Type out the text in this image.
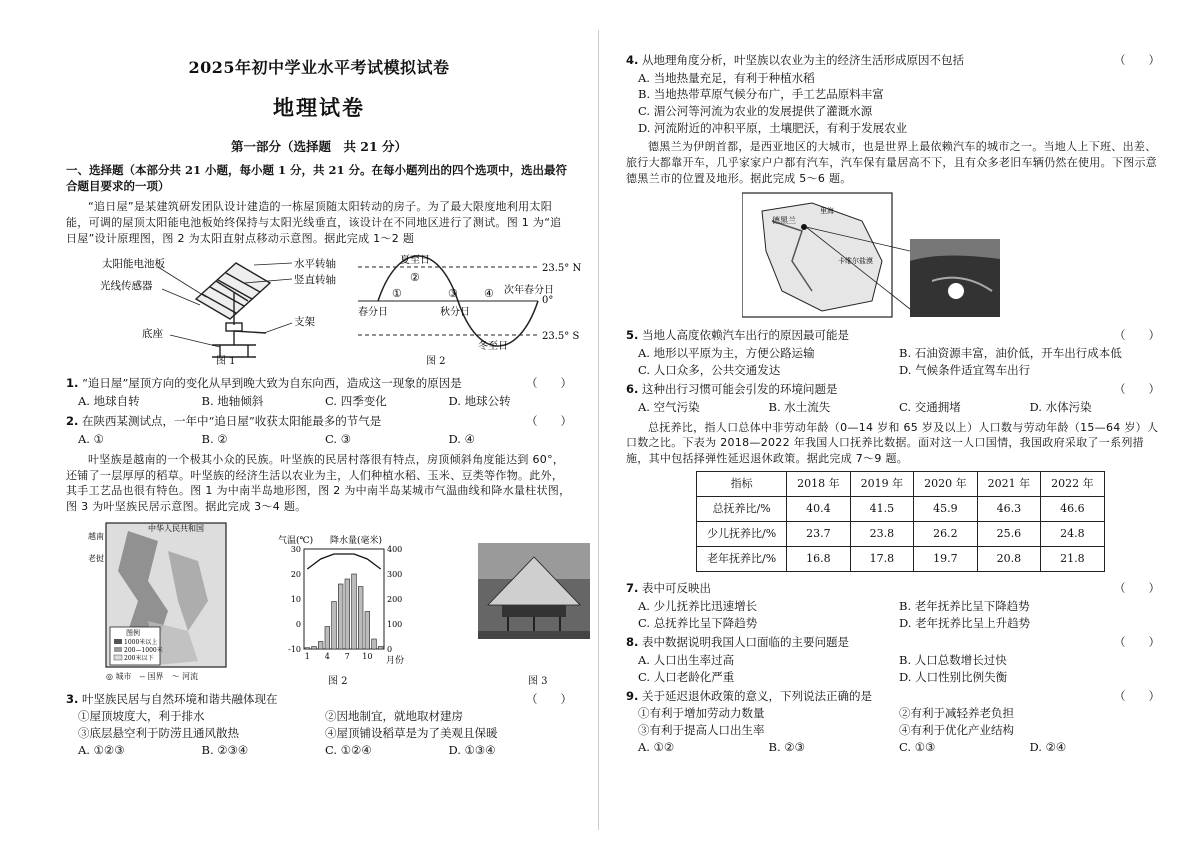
2025年初中学业水平考试模拟试卷
地理试卷
第一部分（选择题　共 21 分）
一、选择题（本部分共 21 小题，每小题 1 分，共 21 分。在每小题列出的四个选项中，选出最符合题目要求的一项）
“追日屋”是某建筑研发团队设计建造的一栋屋顶随太阳转动的房子。为了最大限度地利用太阳能，可调的屋顶太阳能电池板始终保持与太阳光线垂直，该设计在不同地区进行了测试。图 1 为“追日屋”设计原理图，图 2 为太阳直射点移动示意图。据此完成 1～2 题
太阳能电池板
光线传感器
底座
水平转轴
竖直转轴
支架
图 1
夏至日
23.5° N
②
①	③ ④ 次年春分日
0°
春分日	秋分日
23.5° S
冬至日
图 2
1. “追日屋”屋顶方向的变化从早到晚大致为自东向西，造成这一现象的原因是	（　　）
A. 地球自转	B. 地轴倾斜	C. 四季变化	D. 地球公转
2. 在陕西某测试点，一年中“追日屋”收获太阳能最多的节气是	（　　）
A. ①	B. ②	C. ③	D. ④
叶坚族是越南的一个极其小众的民族。叶坚族的民居村落很有特点，房顶倾斜角度能达到 60°，还铺了一层厚厚的稻草。叶坚族的经济生活以农业为主，人们种植水稻、玉米、豆类等作物。此外，其手工艺品也很有特色。图 1 为中南半岛地形图，图 2 为中南半岛某城市气温曲线和降水量柱状图，图 3 为叶坚族民居示意图。据此完成 3～4 题。
图例
1000米以上
200—1000米
200米以下
越南
老挝
中华人民共和国
◎ 城市　-- 国界　～ 河流
气温(℃) 降水量(毫米)
30
20
10
0
-10
400
300
200
100
0
1 4 7 10 月份
图 2	图 3
3. 叶坚族民居与自然环境和谐共融体现在	（　　）
①屋顶坡度大，利于排水	②因地制宜，就地取材建房
③底层悬空利于防涝且通风散热	④屋顶铺设稻草是为了美观且保暖
A. ①②③	B. ②③④	C. ①②④	D. ①③④
4. 从地理角度分析，叶坚族以农业为主的经济生活形成原因不包括	（　　）
A. 当地热量充足，有利于种植水稻
B. 当地热带草原气候分布广，手工艺品原料丰富
C. 湄公河等河流为农业的发展提供了灌溉水源
D. 河流附近的冲积平原，土壤肥沃，有利于发展农业
德黑兰为伊朗首都，是西亚地区的大城市，也是世界上最依赖汽车的城市之一。当地人上下班、出差、旅行大都靠开车，几乎家家户户都有汽车，汽车保有量居高不下，且有众多老旧车辆仍然在使用。下图示意德黑兰市的位置及地形。据此完成 5～6 题。
德黑兰
里海
卡维尔盐漠
5. 当地人高度依赖汽车出行的原因最可能是	（　　）
A. 地形以平原为主，方便公路运输	B. 石油资源丰富，油价低，开车出行成本低
C. 人口众多，公共交通发达	D. 气候条件适宜驾车出行
6. 这种出行习惯可能会引发的环境问题是	（　　）
A. 空气污染	B. 水土流失	C. 交通拥堵	D. 水体污染
总抚养比，指人口总体中非劳动年龄（0—14 岁和 65 岁及以上）人口数与劳动年龄（15—64 岁）人口数之比。下表为 2018—2022 年我国人口抚养比数据。面对这一人口国情，我国政府采取了一系列措施，其中包括择弹性延迟退休政策。据此完成 7～9 题。
指标	2018 年	2019 年	2020 年	2021 年	2022 年
总抚养比/%	40.4	41.5	45.9	46.3	46.6
少儿抚养比/%	23.7	23.8	26.2	25.6	24.8
老年抚养比/%	16.8	17.8	19.7	20.8	21.8
7. 表中可反映出	（　　）
A. 少儿抚养比迅速增长	B. 老年抚养比呈下降趋势
C. 总抚养比呈下降趋势	D. 老年抚养比呈上升趋势
8. 表中数据说明我国人口面临的主要问题是	（　　）
A. 人口出生率过高	B. 人口总数增长过快
C. 人口老龄化严重	D. 人口性别比例失衡
9. 关于延迟退休政策的意义，下列说法正确的是	（　　）
①有利于增加劳动力数量	②有利于减轻养老负担
③有利于提高人口出生率	④有利于优化产业结构
A. ①②	B. ②③	C. ①③	D. ②④
